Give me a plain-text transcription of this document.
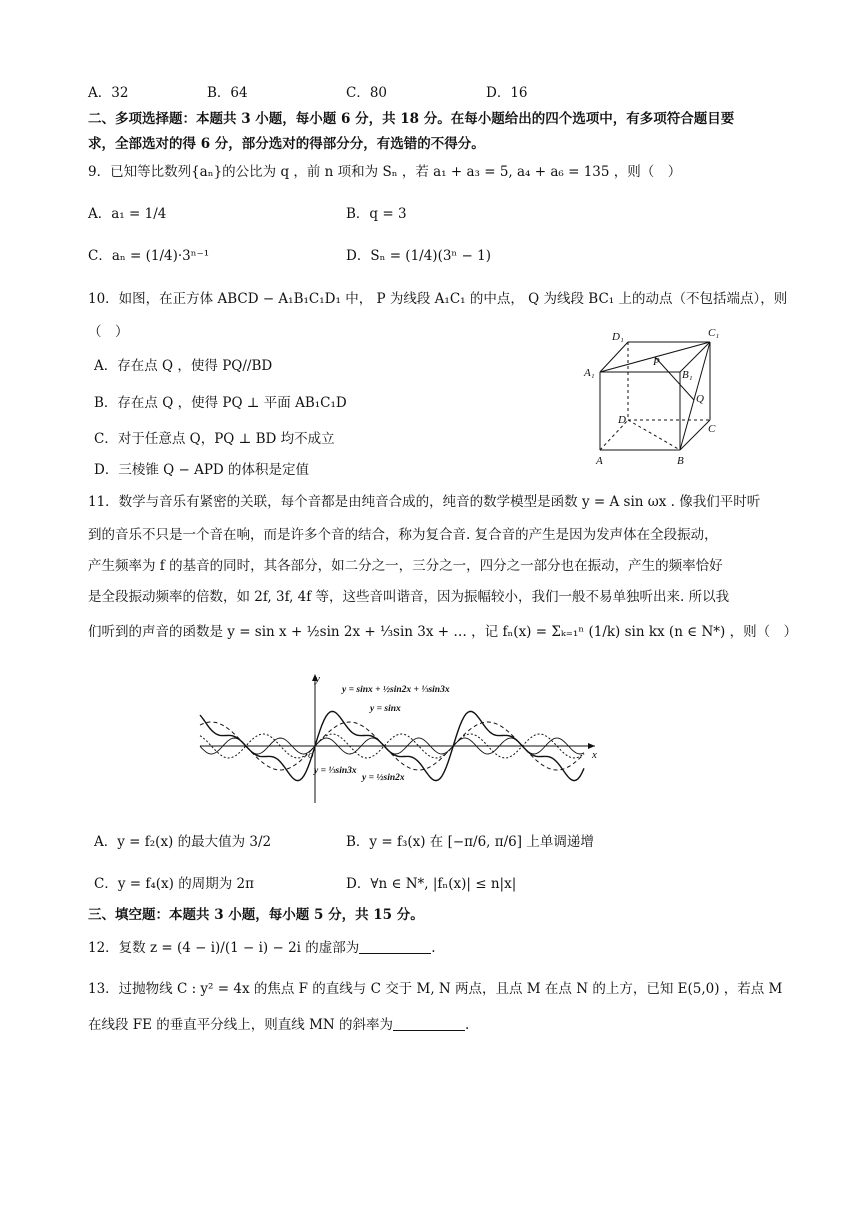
A．32	B．64	C．80	D．16
二、多项选择题：本题共 3 小题，每小题 6 分，共 18 分。在每小题给出的四个选项中，有多项符合题目要
求，全部选对的得 6 分，部分选对的得部分分，有选错的不得分。
9．已知等比数列{aₙ}的公比为 q ，前 n 项和为 Sₙ ，若 a₁ + a₃ = 5, a₄ + a₆ = 135 ，则（　）
A．a₁ = 1/4	B．q = 3
C．aₙ = (1/4)·3ⁿ⁻¹	D．Sₙ = (1/4)(3ⁿ − 1)
10．如图，在正方体 ABCD − A₁B₁C₁D₁ 中， P 为线段 A₁C₁ 的中点， Q 为线段 BC₁ 上的动点（不包括端点），则
（　）
A．存在点 Q ，使得 PQ//BD
B．存在点 Q ，使得 PQ ⊥ 平面 AB₁C₁D
C．对于任意点 Q，PQ ⊥ BD 均不成立
D．三棱锥 Q − APD 的体积是定值
D₁	C₁
A₁	B₁
P
Q
D
C
A	B
11．数学与音乐有紧密的关联，每个音都是由纯音合成的，纯音的数学模型是函数 y = A sin ωx . 像我们平时听
到的音乐不只是一个音在响，而是许多个音的结合，称为复合音. 复合音的产生是因为发声体在全段振动，
产生频率为 f 的基音的同时，其各部分，如二分之一，三分之一，四分之一部分也在振动，产生的频率恰好
是全段振动频率的倍数，如 2f, 3f, 4f 等，这些音叫谐音，因为振幅较小，我们一般不易单独听出来. 所以我
们听到的声音的函数是 y = sin x + ½sin 2x + ⅓sin 3x + … ，记 fₙ(x) = Σₖ₌₁ⁿ (1/k) sin kx (n ∈ N*) ，则（　）
y
x
o
y = sinx + ½sin2x + ⅓sin3x
y = sinx
y = ⅓sin3x
y = ½sin2x
A．y = f₂(x) 的最大值为 3/2	B．y = f₃(x) 在 [−π/6, π/6] 上单调递增
C．y = f₄(x) 的周期为 2π	D．∀n ∈ N*, |fₙ(x)| ≤ n|x|
三、填空题：本题共 3 小题，每小题 5 分，共 15 分。
12．复数 z = (4 − i)/(1 − i) − 2i 的虚部为	.
13．过抛物线 C : y² = 4x 的焦点 F 的直线与 C 交于 M, N 两点，且点 M 在点 N 的上方，已知 E(5,0) ，若点 M
在线段 FE 的垂直平分线上，则直线 MN 的斜率为	.
